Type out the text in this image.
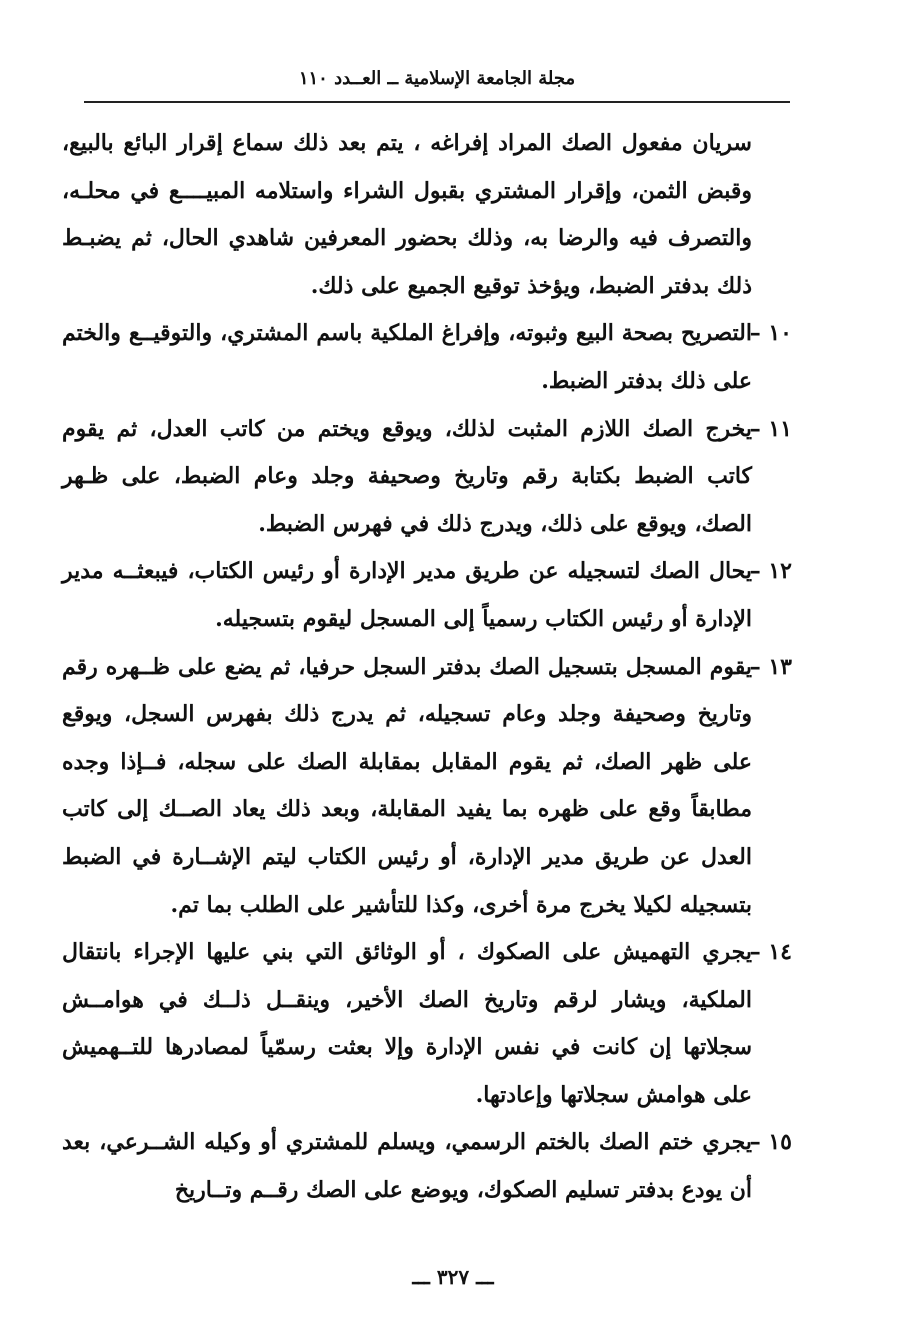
مجلة الجامعة الإسلامية ــ العــدد ١١٠

سريان مفعول الصك المراد إفراغه ، يتم بعد ذلك سماع إقرار البائع بالبيع، وقبض الثمن، وإقرار المشتري بقبول الشراء واستلامه المبيــــع في محلـه، والتصرف فيه والرضا به، وذلك بحضور المعرفين شاهدي الحال، ثم يضبـط ذلك بدفتر الضبط، ويؤخذ توقيع الجميع على ذلك.

١٠ –

التصريح بصحة البيع وثبوته، وإفراغ الملكية باسم المشتري، والتوقيــع والختم على ذلك بدفتر الضبط.

١١ –

يخرج الصك اللازم المثبت لذلك، ويوقع ويختم من كاتب العدل، ثم يقوم كاتب الضبط بكتابة رقم وتاريخ وصحيفة وجلد وعام الضبط، على ظـهر الصك، ويوقع على ذلك، ويدرج ذلك في فهرس الضبط.

١٢ –

يحال الصك لتسجيله عن طريق مدير الإدارة أو رئيس الكتاب، فيبعثــه مدير الإدارة أو رئيس الكتاب رسمياً إلى المسجل ليقوم بتسجيله.

١٣ –

يقوم المسجل بتسجيل الصك بدفتر السجل حرفيا، ثم يضع على ظــهره رقم وتاريخ وصحيفة وجلد وعام تسجيله، ثم يدرج ذلك بفهرس السجل، ويوقع على ظهر الصك، ثم يقوم المقابل بمقابلة الصك على سجله، فــإذا وجده مطابقاً وقع على ظهره بما يفيد المقابلة، وبعد ذلك يعاد الصــك إلى كاتب العدل عن طريق مدير الإدارة، أو رئيس الكتاب ليتم الإشــارة في الضبط بتسجيله لكيلا يخرج مرة أخرى، وكذا للتأشير على الطلب بما تم.

١٤ –

يجري التهميش على الصكوك ، أو الوثائق التي بني عليها الإجراء بانتقال الملكية، ويشار لرقم وتاريخ الصك الأخير، وينقــل ذلــك في هوامــش سجلاتها إن كانت في نفس الإدارة وإلا بعثت رسمّياً لمصادرها للتــهميش على هوامش سجلاتها وإعادتها.

١٥ –

يجري ختم الصك بالختم الرسمي، ويسلم للمشتري أو وكيله الشــرعي، بعد أن يودع بدفتر تسليم الصكوك، ويوضع على الصك رقــم وتــاريخ

ـــ ٣٢٧ ـــ
